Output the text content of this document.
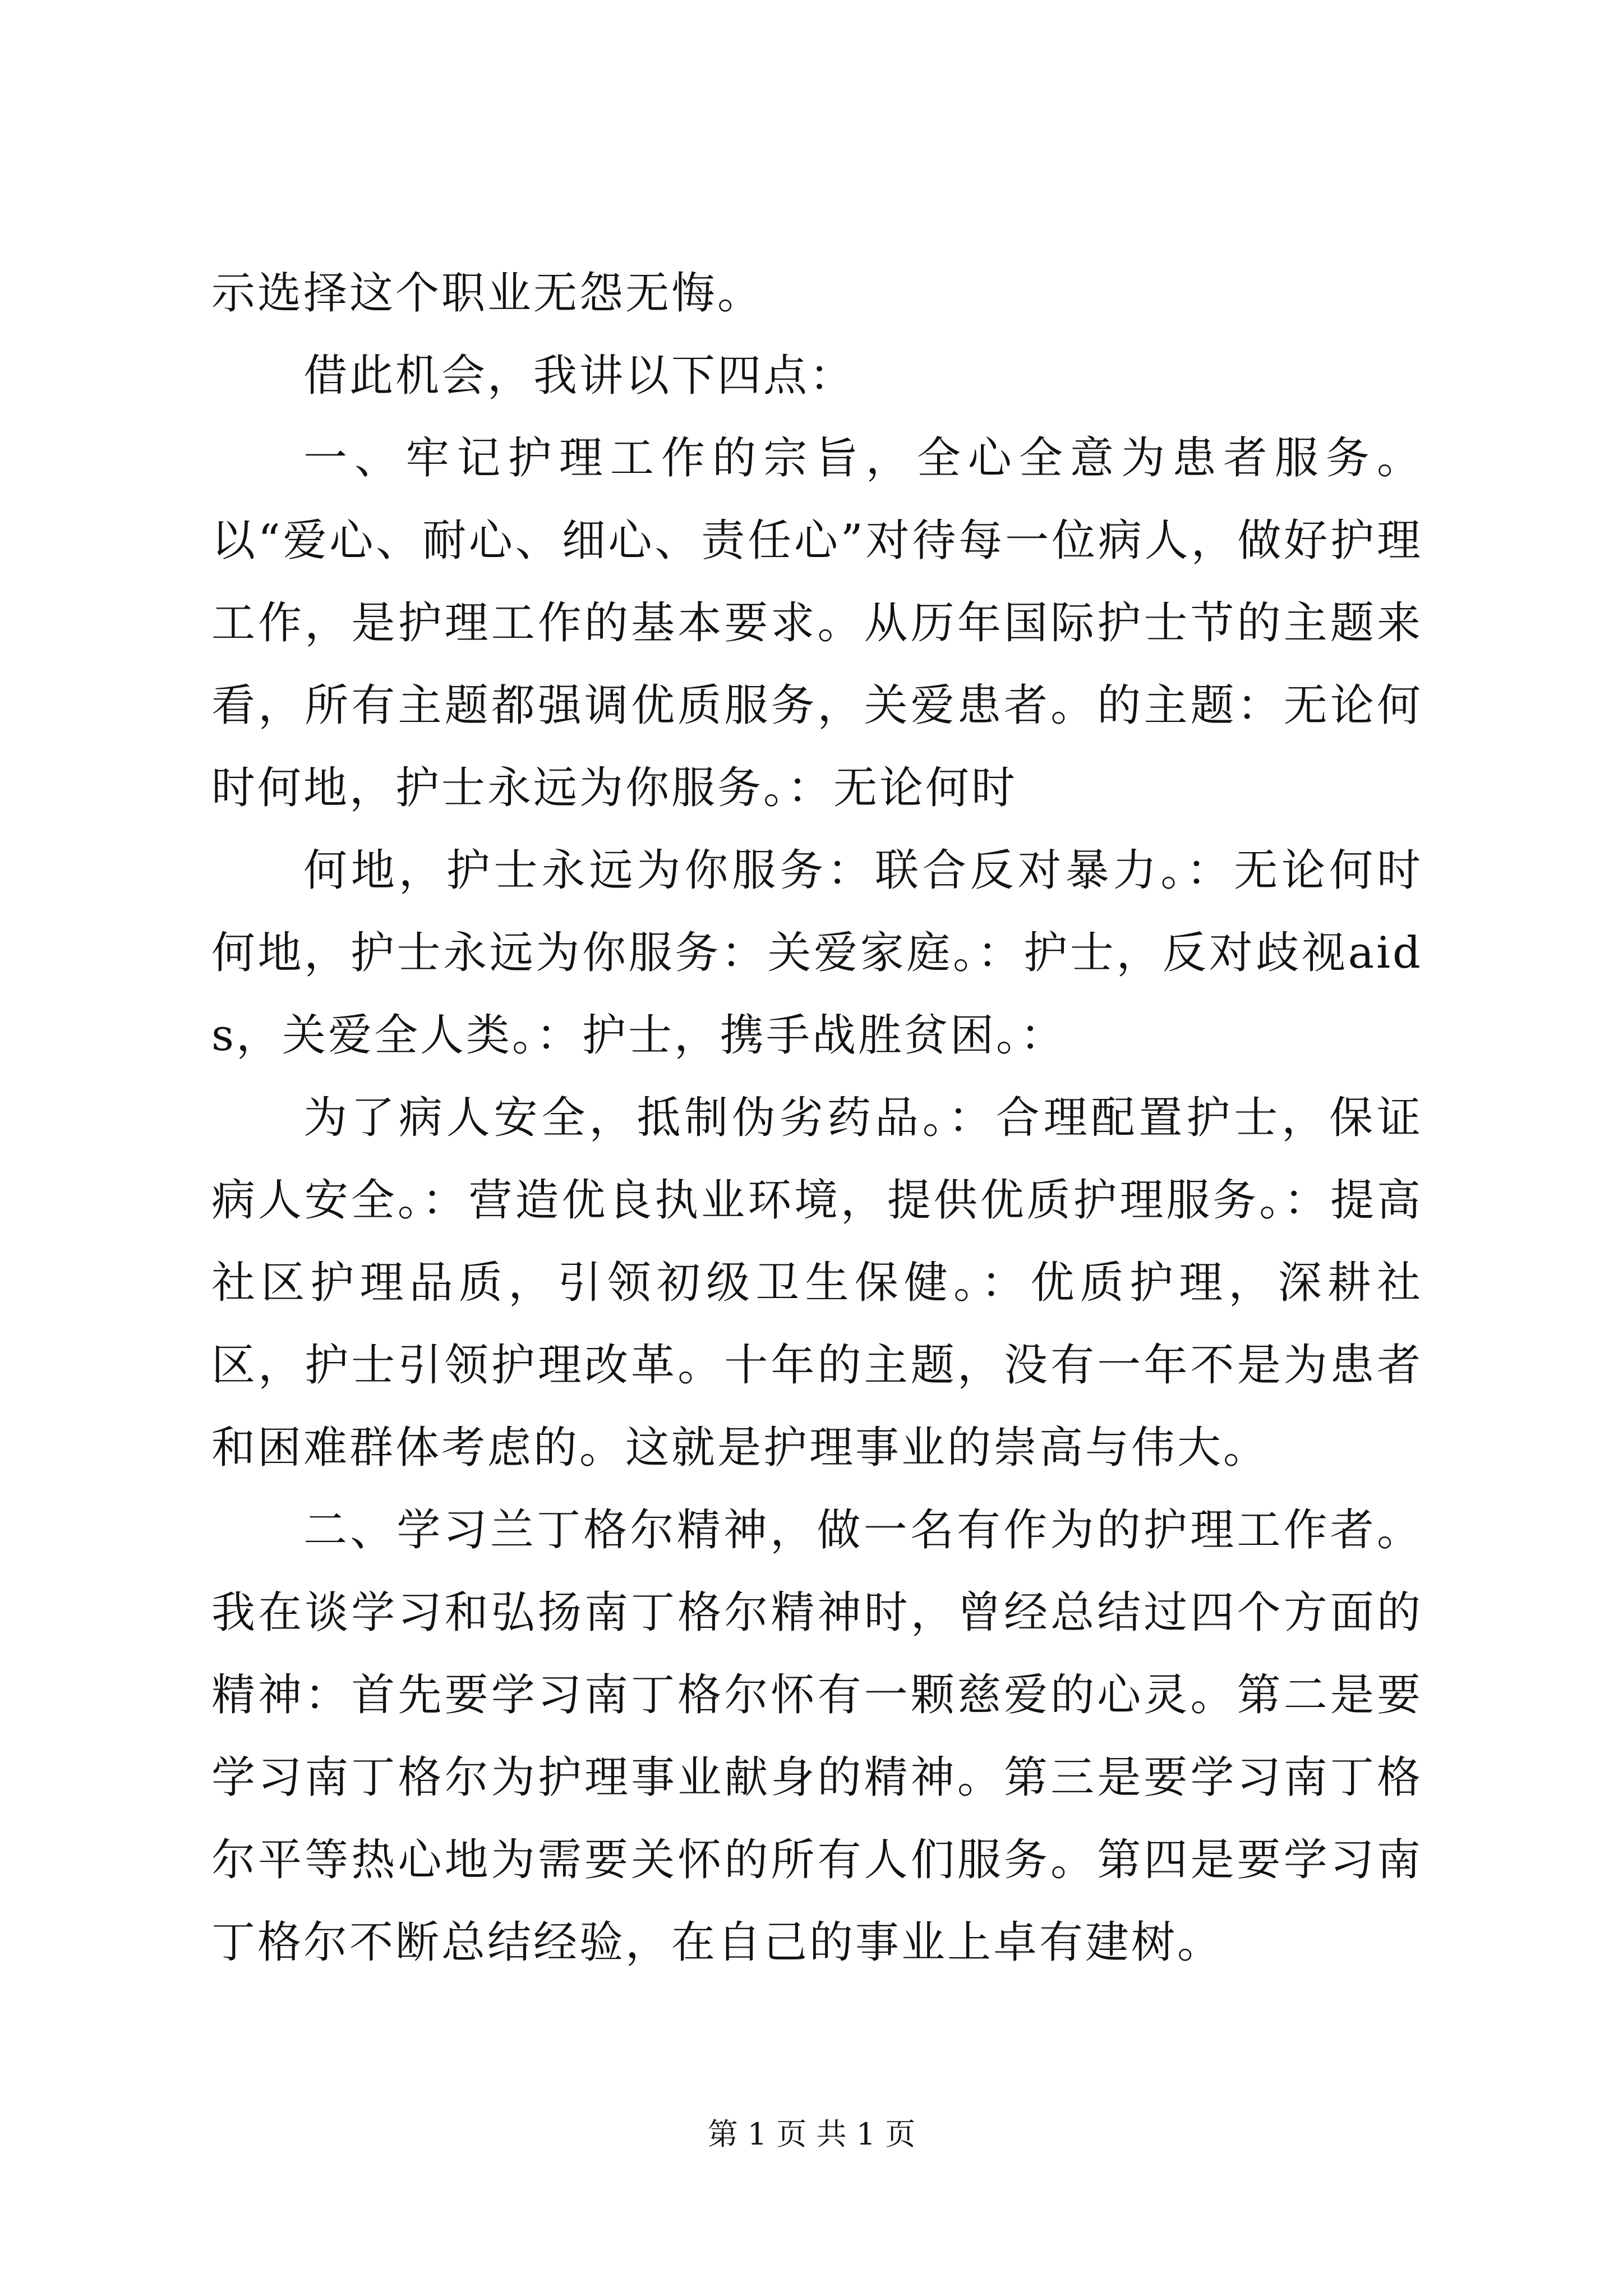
示选择这个职业无怨无悔。

借此机会，我讲以下四点：

一、牢记护理工作的宗旨，全心全意为患者服务。以“爱心、耐心、细心、责任心”对待每一位病人，做好护理工作，是护理工作的基本要求。从历年国际护士节的主题来看，所有主题都强调优质服务，关爱患者。的主题：无论何时何地，护士永远为你服务。：无论何时

何地，护士永远为你服务：联合反对暴力。：无论何时何地，护士永远为你服务：关爱家庭。：护士，反对歧视aids，关爱全人类。：护士，携手战胜贫困。：

为了病人安全，抵制伪劣药品。：合理配置护士，保证病人安全。：营造优良执业环境，提供优质护理服务。：提高社区护理品质，引领初级卫生保健。：优质护理，深耕社区，护士引领护理改革。十年的主题，没有一年不是为患者和困难群体考虑的。这就是护理事业的崇高与伟大。

二、学习兰丁格尔精神，做一名有作为的护理工作者。我在谈学习和弘扬南丁格尔精神时，曾经总结过四个方面的精神：首先要学习南丁格尔怀有一颗慈爱的心灵。第二是要学习南丁格尔为护理事业献身的精神。第三是要学习南丁格尔平等热心地为需要关怀的所有人们服务。第四是要学习南丁格尔不断总结经验，在自己的事业上卓有建树。

第 1 页 共 1 页
